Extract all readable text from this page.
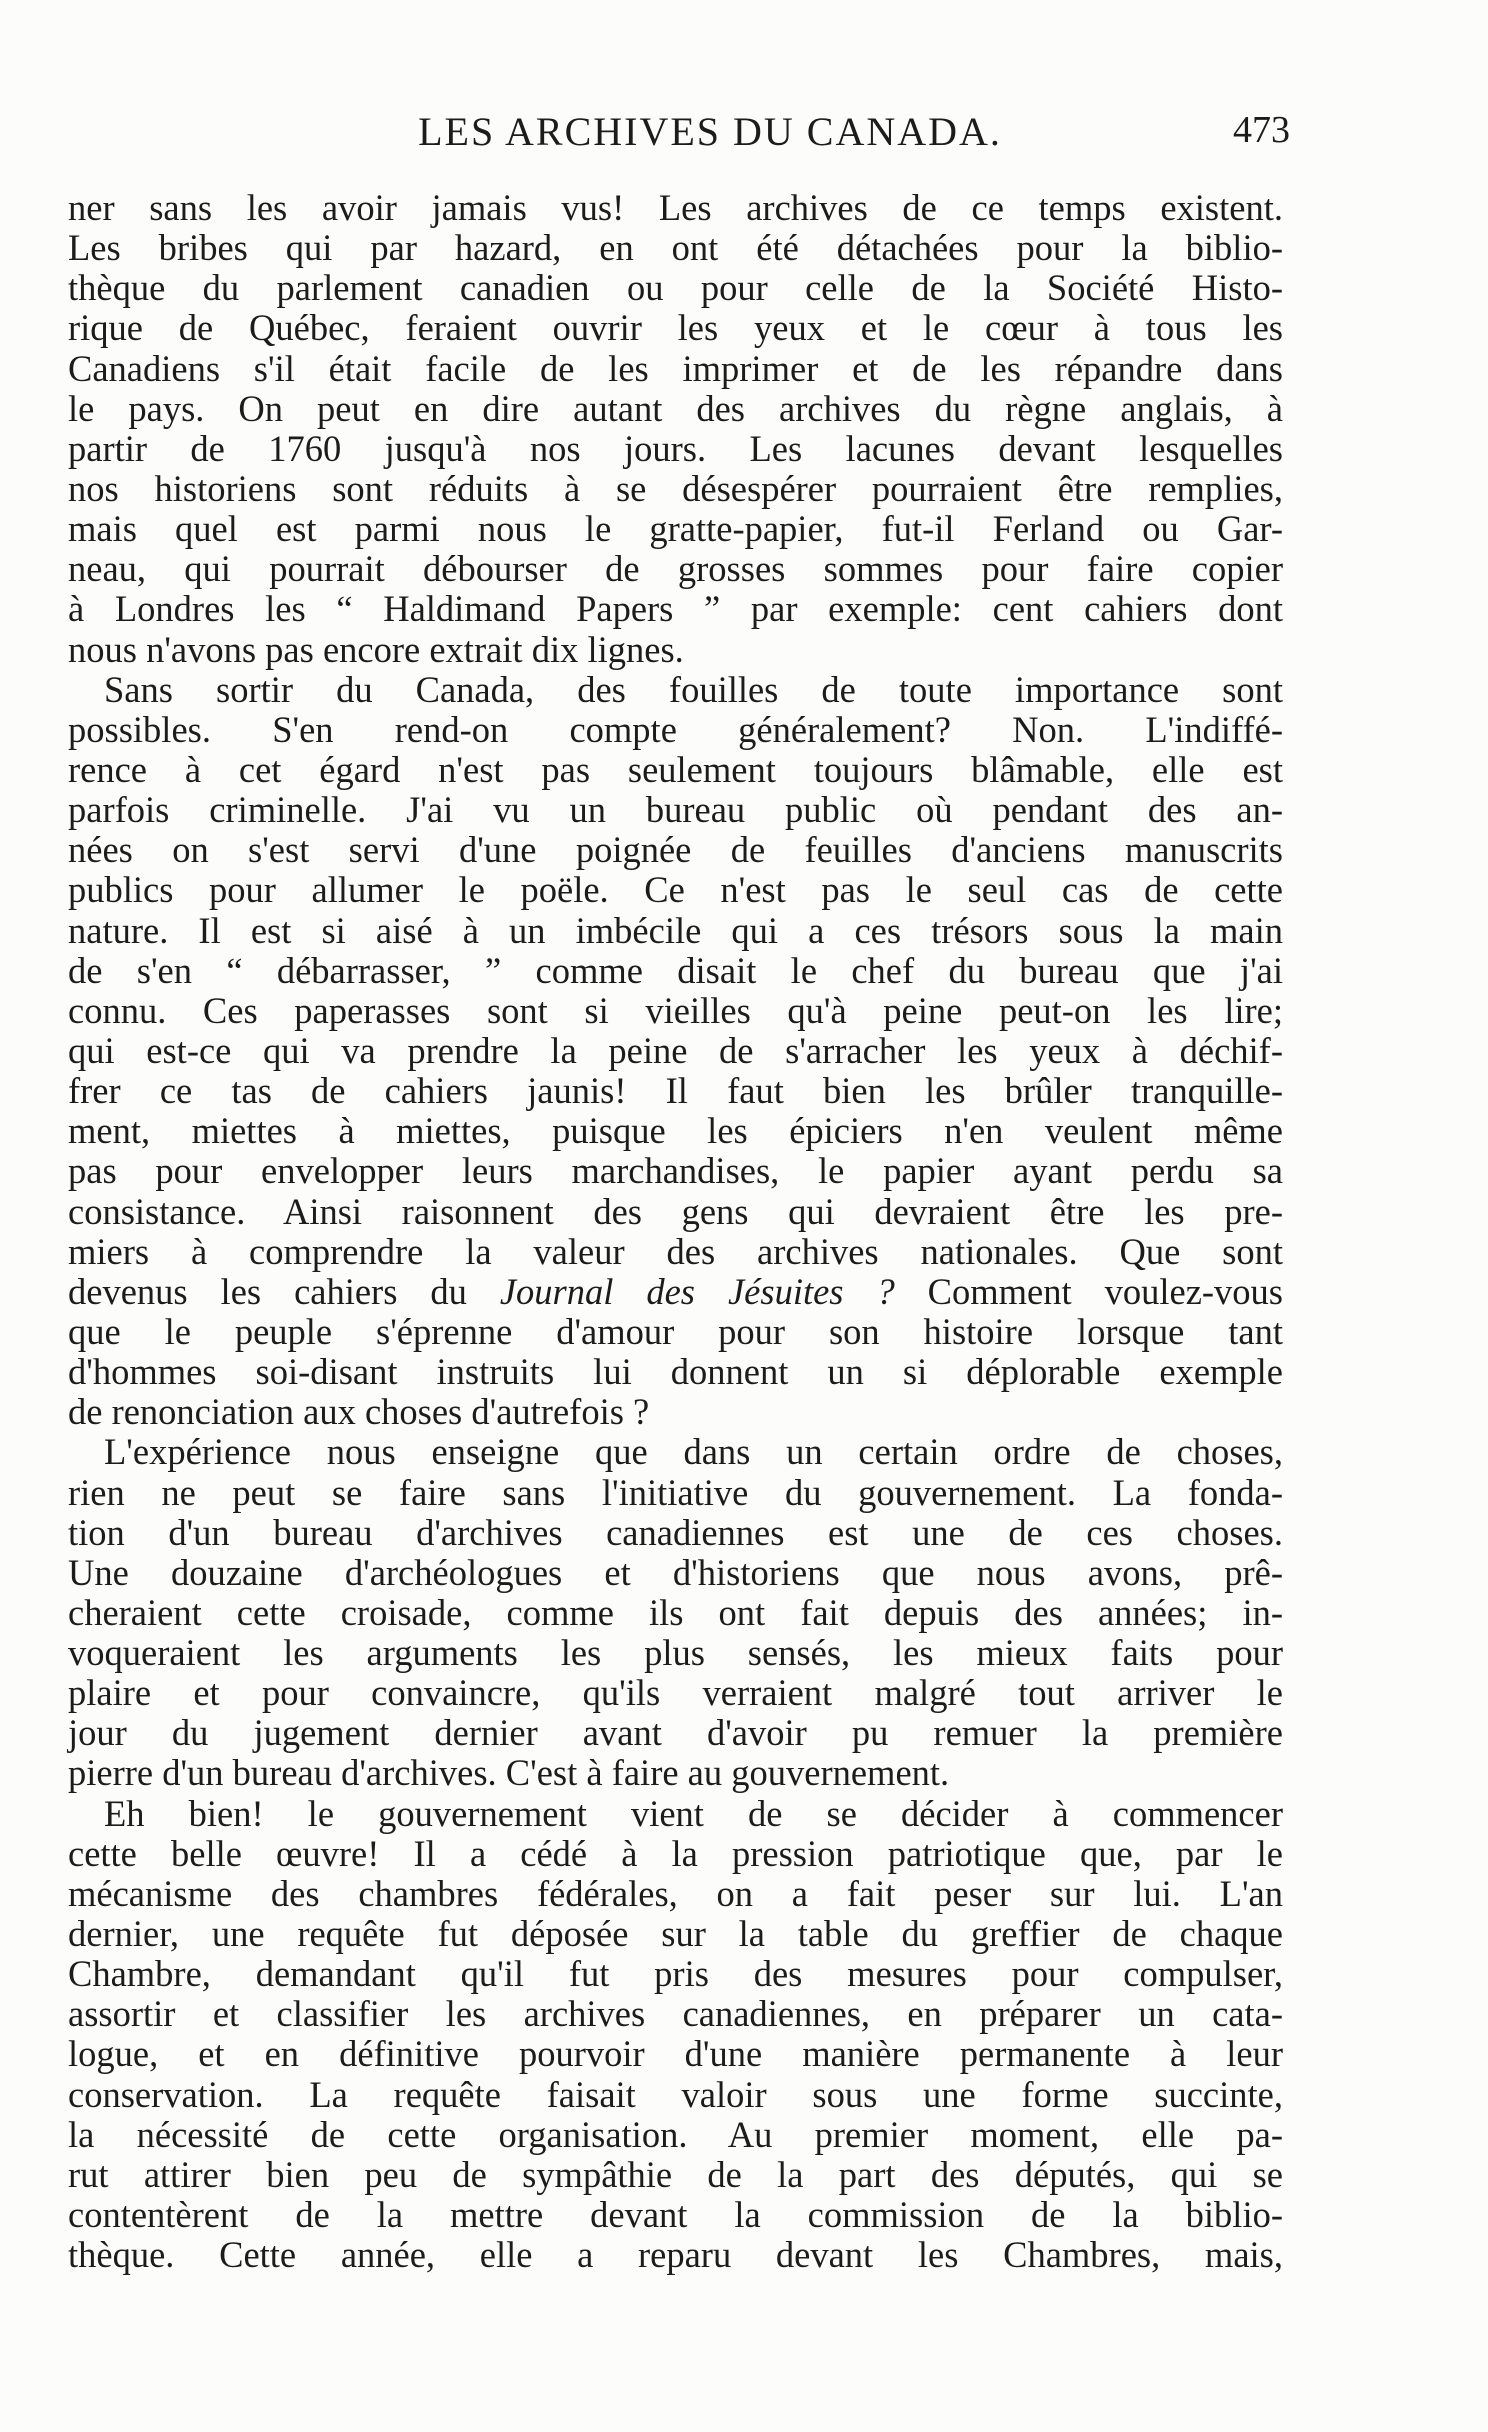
LES ARCHIVES DU CANADA.	473
ner sans les avoir jamais vus! Les archives de ce temps existent.
Les bribes qui par hazard, en ont été détachées pour la biblio-
thèque du parlement canadien ou pour celle de la Société Histo-
rique de Québec, feraient ouvrir les yeux et le cœur à tous les
Canadiens s'il était facile de les imprimer et de les répandre dans
le pays. On peut en dire autant des archives du règne anglais, à
partir de 1760 jusqu'à nos jours. Les lacunes devant lesquelles
nos historiens sont réduits à se désespérer pourraient être remplies,
mais quel est parmi nous le gratte-papier, fut-il Ferland ou Gar-
neau, qui pourrait débourser de grosses sommes pour faire copier
à Londres les “ Haldimand Papers ” par exemple: cent cahiers dont
nous n'avons pas encore extrait dix lignes.
Sans sortir du Canada, des fouilles de toute importance sont
possibles. S'en rend-on compte généralement? Non. L'indiffé-
rence à cet égard n'est pas seulement toujours blâmable, elle est
parfois criminelle. J'ai vu un bureau public où pendant des an-
nées on s'est servi d'une poignée de feuilles d'anciens manuscrits
publics pour allumer le poële. Ce n'est pas le seul cas de cette
nature. Il est si aisé à un imbécile qui a ces trésors sous la main
de s'en “ débarrasser, ” comme disait le chef du bureau que j'ai
connu. Ces paperasses sont si vieilles qu'à peine peut-on les lire;
qui est-ce qui va prendre la peine de s'arracher les yeux à déchif-
frer ce tas de cahiers jaunis! Il faut bien les brûler tranquille-
ment, miettes à miettes, puisque les épiciers n'en veulent même
pas pour envelopper leurs marchandises, le papier ayant perdu sa
consistance. Ainsi raisonnent des gens qui devraient être les pre-
miers à comprendre la valeur des archives nationales. Que sont
devenus les cahiers du Journal des Jésuites ? Comment voulez-vous
que le peuple s'éprenne d'amour pour son histoire lorsque tant
d'hommes soi-disant instruits lui donnent un si déplorable exemple
de renonciation aux choses d'autrefois ?
L'expérience nous enseigne que dans un certain ordre de choses,
rien ne peut se faire sans l'initiative du gouvernement. La fonda-
tion d'un bureau d'archives canadiennes est une de ces choses.
Une douzaine d'archéologues et d'historiens que nous avons, prê-
cheraient cette croisade, comme ils ont fait depuis des années; in-
voqueraient les arguments les plus sensés, les mieux faits pour
plaire et pour convaincre, qu'ils verraient malgré tout arriver le
jour du jugement dernier avant d'avoir pu remuer la première
pierre d'un bureau d'archives. C'est à faire au gouvernement.
Eh bien! le gouvernement vient de se décider à commencer
cette belle œuvre! Il a cédé à la pression patriotique que, par le
mécanisme des chambres fédérales, on a fait peser sur lui. L'an
dernier, une requête fut déposée sur la table du greffier de chaque
Chambre, demandant qu'il fut pris des mesures pour compulser,
assortir et classifier les archives canadiennes, en préparer un cata-
logue, et en définitive pourvoir d'une manière permanente à leur
conservation. La requête faisait valoir sous une forme succinte,
la nécessité de cette organisation. Au premier moment, elle pa-
rut attirer bien peu de sympâthie de la part des députés, qui se
contentèrent de la mettre devant la commission de la biblio-
thèque. Cette année, elle a reparu devant les Chambres, mais,
